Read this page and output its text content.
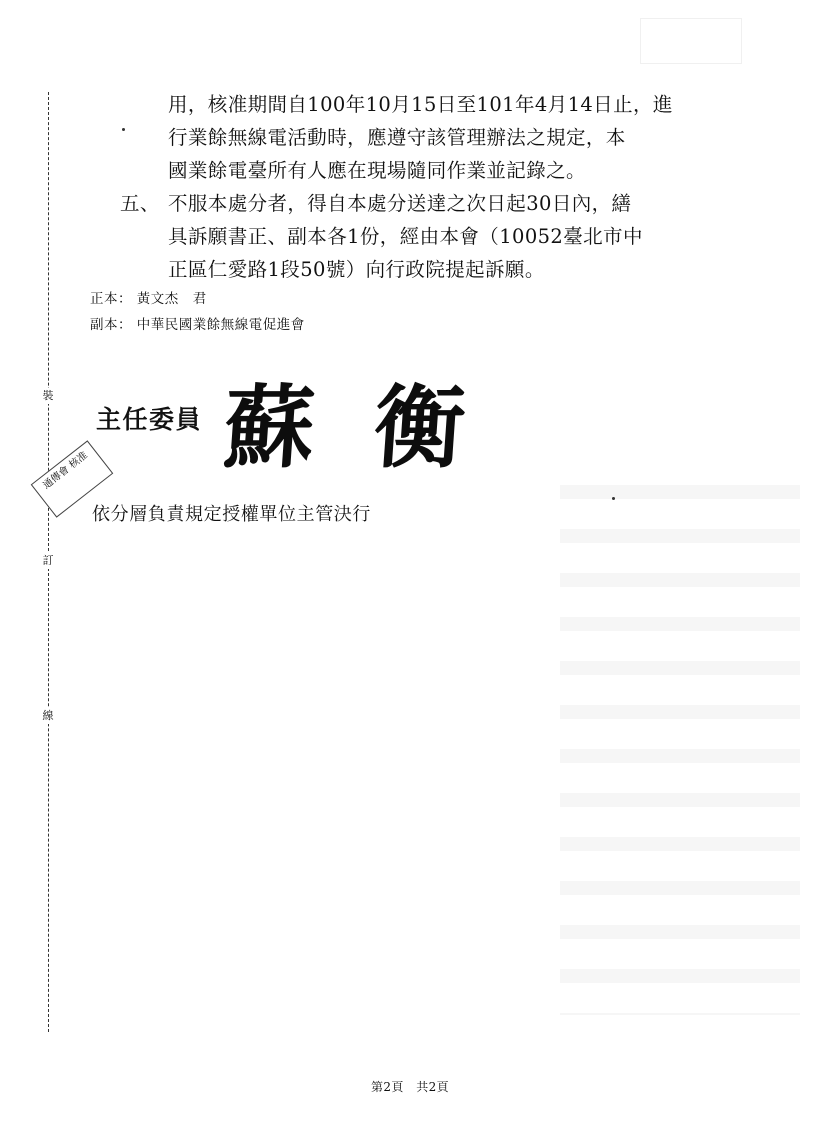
裝
訂
線
用，核准期間自100年10月15日至101年4月14日止，進
行業餘無線電活動時，應遵守該管理辦法之規定，本
國業餘電臺所有人應在現場隨同作業並記錄之。
五、 不服本處分者，得自本處分送達之次日起30日內，繕
具訴願書正、副本各1份，經由本會（10052臺北市中
正區仁愛路1段50號）向行政院提起訴願。
正本： 黃文杰　君
副本： 中華民國業餘無線電促進會
主任委員 蘇衡
通傳會 核准
依分層負責規定授權單位主管決行
第2頁　共2頁
